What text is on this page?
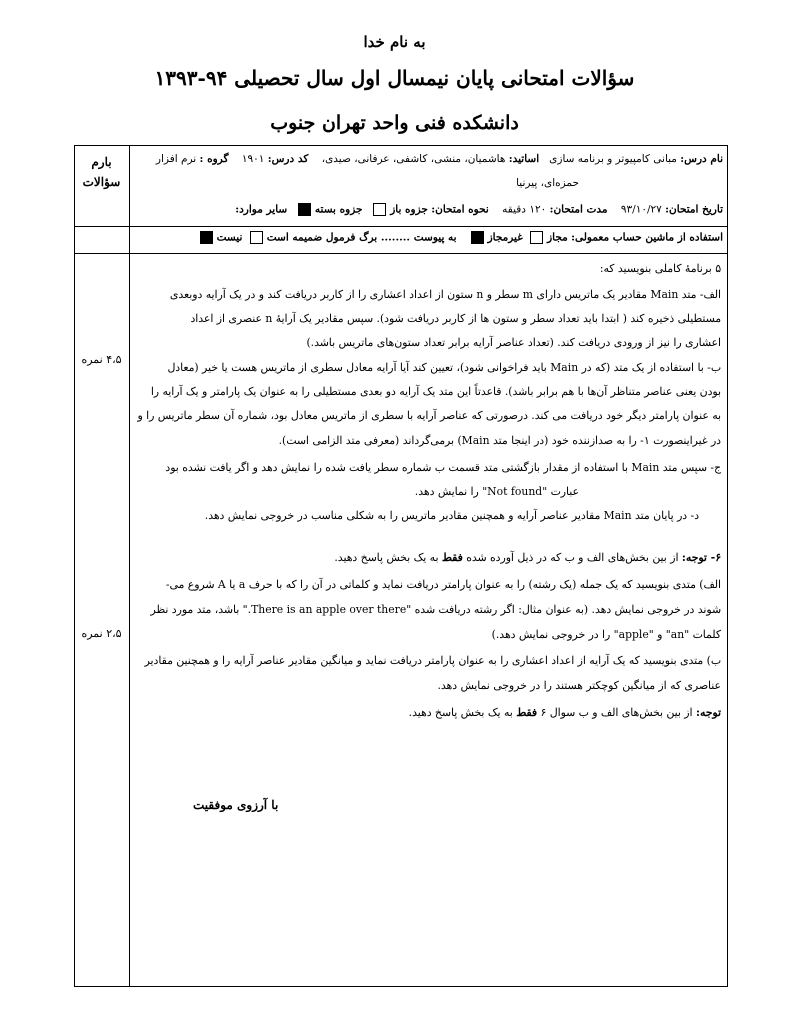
به نام خدا
سؤالات امتحانی پایان نیمسال اول سال تحصیلی ۹۴-۱۳۹۳
دانشکده فنی واحد تهران جنوب
بارم
سؤالات
۴،۵ نمره
۲،۵ نمره
نام درس: مبانی کامپیوتر و برنامه سازی   اساتید: هاشمیان، منشی، کاشفی، عرفانی، صیدی،    کد درس: ۱۹۰۱    گروه : نرم افزار
حمزه‌ای، پیرنیا
تاریخ امتحان: ۹۳/۱۰/۲۷    مدت امتحان: ۱۲۰ دقیقه    نحوه امتحان: جزوه باز  جزوه بسته  سایر موارد:
استفاده از ماشین حساب معمولی: مجاز غیرمجاز   به پیوست ........ برگ فرمول ضمیمه است نیست
۵ برنامهٔ کاملی بنویسید که:
الف- متد Main مقادیر یک ماتریس دارای m سطر و n ستون از اعداد اعشاری را از کاربر دریافت کند و در یک آرایه دوبعدی
مستطیلی ذخیره کند ( ابتدا باید تعداد سطر و ستون ها از کاربر دریافت شود). سپس مقادیر یک آرایهٔ n عنصری از اعداد
اعشاری را نیز از ورودی دریافت کند. (تعداد عناصر آرایه برابر تعداد ستون‌های ماتریس باشد.)
ب- با استفاده از یک متد (که در Main باید فراخوانی شود)، تعیین کند آیا آرایه معادل سطری از ماتریس هست یا خیر (معادل
بودن یعنی عناصر متناظر آن‌ها با هم برابر باشد). قاعدتاً این متد یک آرایه دو بعدی مستطیلی را به عنوان یک پارامتر و یک آرایه را
به عنوان پارامتر دیگر خود دریافت می کند. درصورتی که عناصر آرایه با سطری از ماتریس معادل بود، شماره آن سطر ماتریس را و
در غیراینصورت ۱- را به صدازننده خود (در اینجا متد Main) برمی‌گرداند (معرفی متد الزامی است).
ج- سپس متد Main با استفاده از مقدار بازگشتی متد قسمت ب شماره سطر یافت شده را نمایش دهد و اگر یافت نشده بود
عبارت "Not found" را نمایش دهد.
د- در پایان متد Main مقادیر عناصر آرایه و همچنین مقادیر ماتریس را به شکلی مناسب در خروجی نمایش دهد.
۶- توجه: از بین بخش‌های الف و ب که در ذیل آورده شده فقط به یک بخش پاسخ دهید.
الف) متدی بنویسید که یک جمله (یک رشته) را به عنوان پارامتر دریافت نماید و کلماتی در آن را که با حرف a یا A شروع می-
شوند در خروجی نمایش دهد. (به عنوان مثال: اگر رشته دریافت شده "There is an apple over there." باشد، متد مورد نظر
کلمات "an" و "apple" را در خروجی نمایش دهد.)
ب) متدی بنویسید که یک آرایه از اعداد اعشاری را به عنوان پارامتر دریافت نماید و میانگین مقادیر عناصر آرایه را و همچنین مقادیر
عناصری که از میانگین کوچکتر هستند را در خروجی نمایش دهد.
توجه: از بین بخش‌های الف و ب سوال ۶ فقط به یک بخش پاسخ دهید.
با آرزوی موفقیت
